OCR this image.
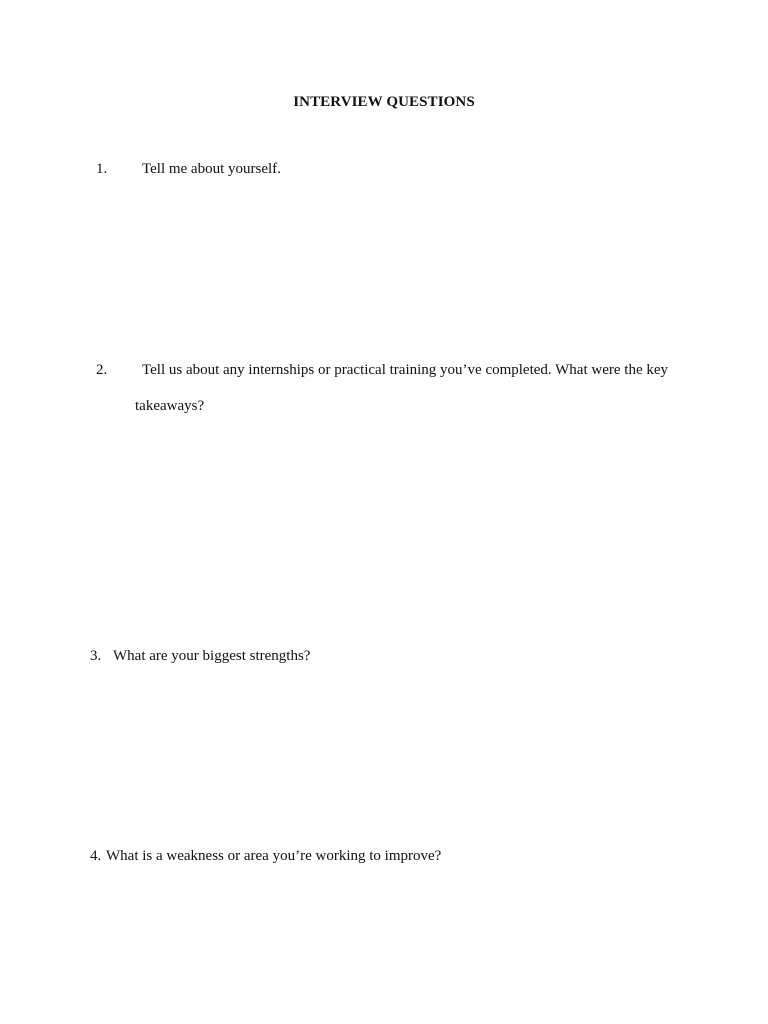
INTERVIEW QUESTIONS
1. Tell me about yourself.
2. Tell us about any internships or practical training you’ve completed. What were the key
takeaways?
3. What are your biggest strengths?
4. What is a weakness or area you’re working to improve?
